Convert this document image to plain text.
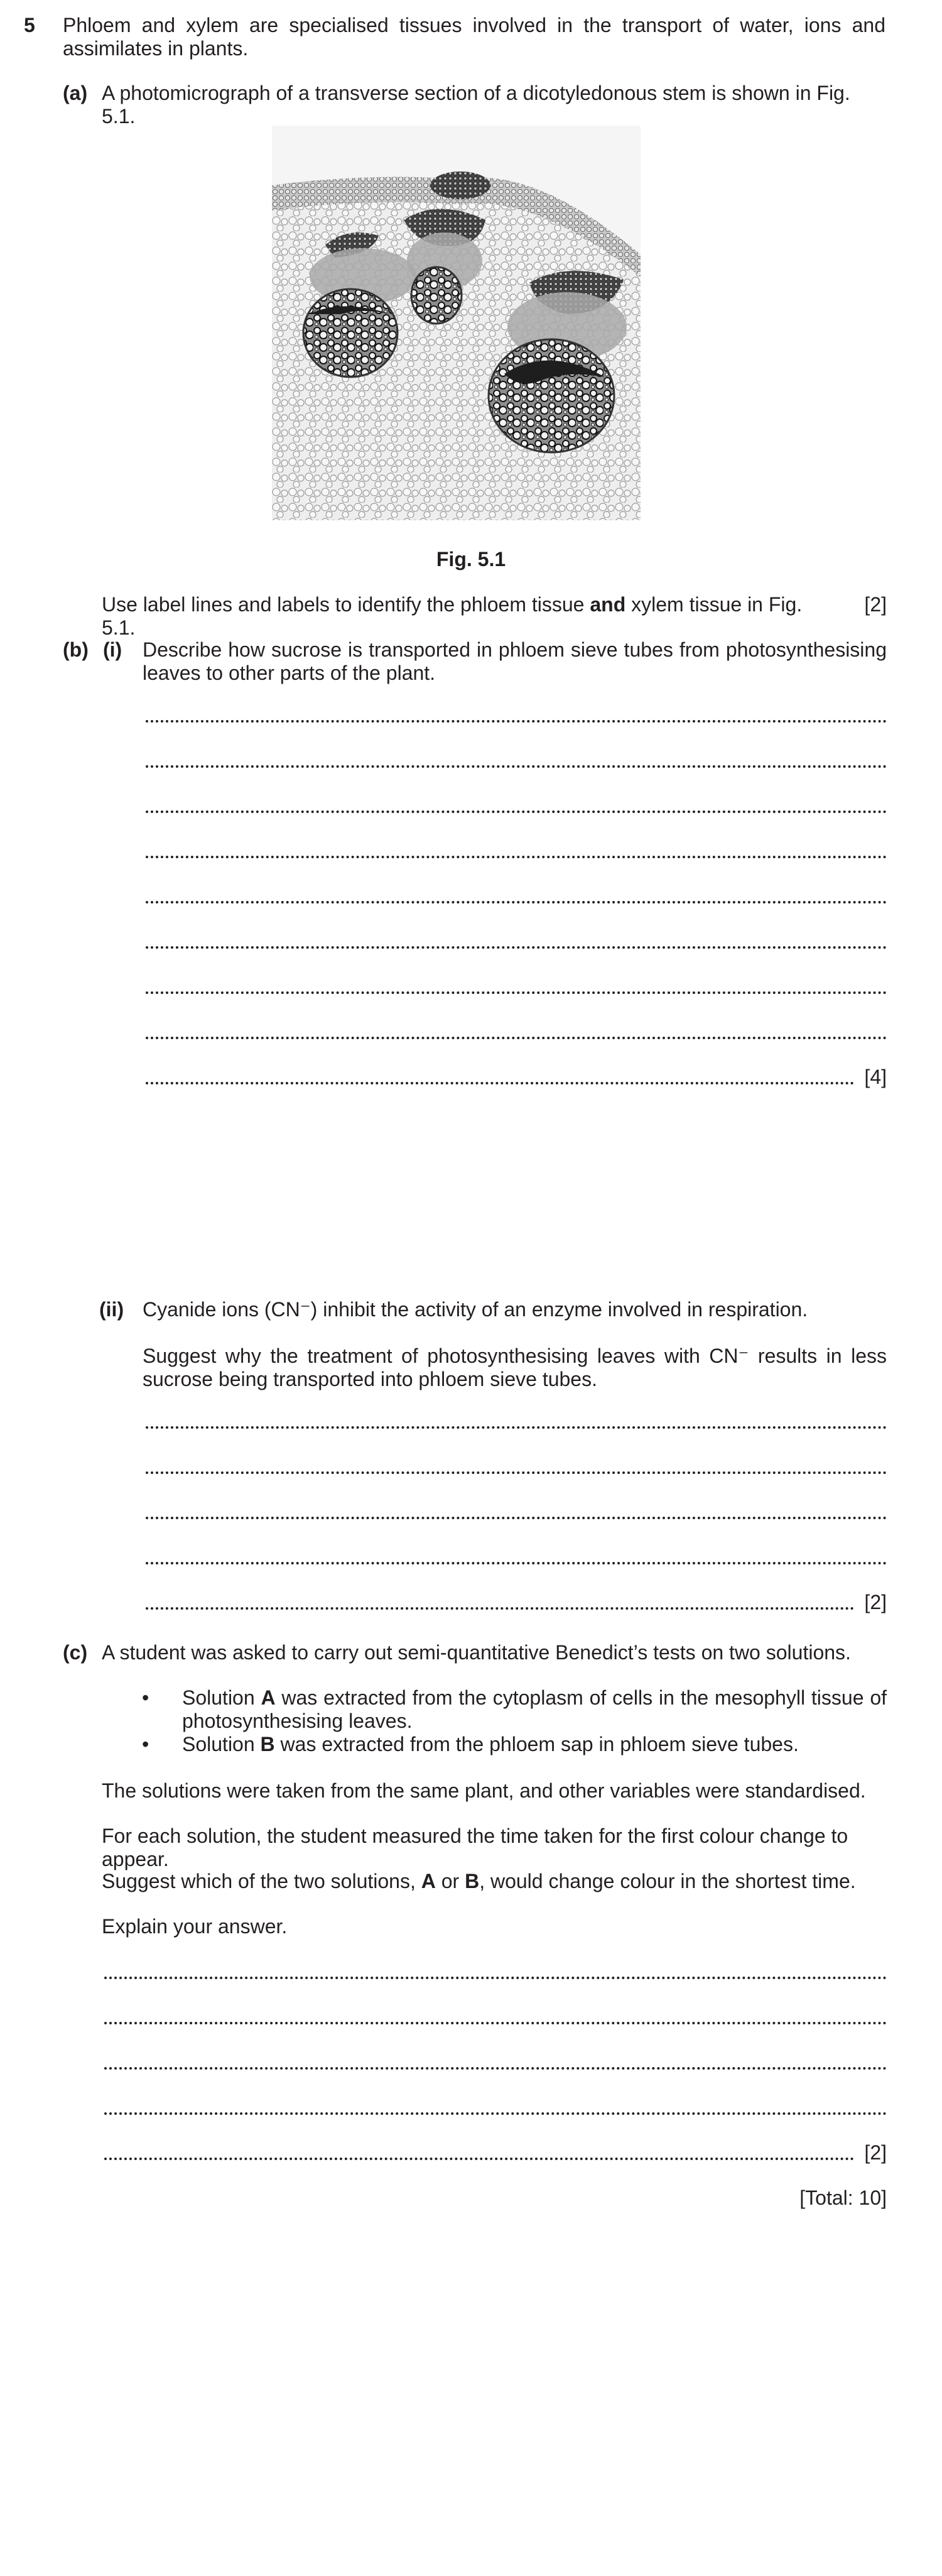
5 Phloem and xylem are specialised tissues involved in the transport of water, ions and assimilates in plants.
(a) A photomicrograph of a transverse section of a dicotyledonous stem is shown in Fig. 5.1.
Fig. 5.1
Use label lines and labels to identify the phloem tissue and xylem tissue in Fig. 5.1.
[2]
(b) (i) Describe how sucrose is transported in phloem sieve tubes from photosynthesising leaves to other parts of the plant.
[4]
(ii) Cyanide ions (CN⁻) inhibit the activity of an enzyme involved in respiration.
Suggest why the treatment of photosynthesising leaves with CN⁻ results in less sucrose being transported into phloem sieve tubes.
[2]
(c) A student was asked to carry out semi-quantitative Benedict’s tests on two solutions.
• Solution A was extracted from the cytoplasm of cells in the mesophyll tissue of photosynthesising leaves.
• Solution B was extracted from the phloem sap in phloem sieve tubes.
The solutions were taken from the same plant, and other variables were standardised.
For each solution, the student measured the time taken for the first colour change to appear.
Suggest which of the two solutions, A or B, would change colour in the shortest time.
Explain your answer.
[2]
[Total: 10]
